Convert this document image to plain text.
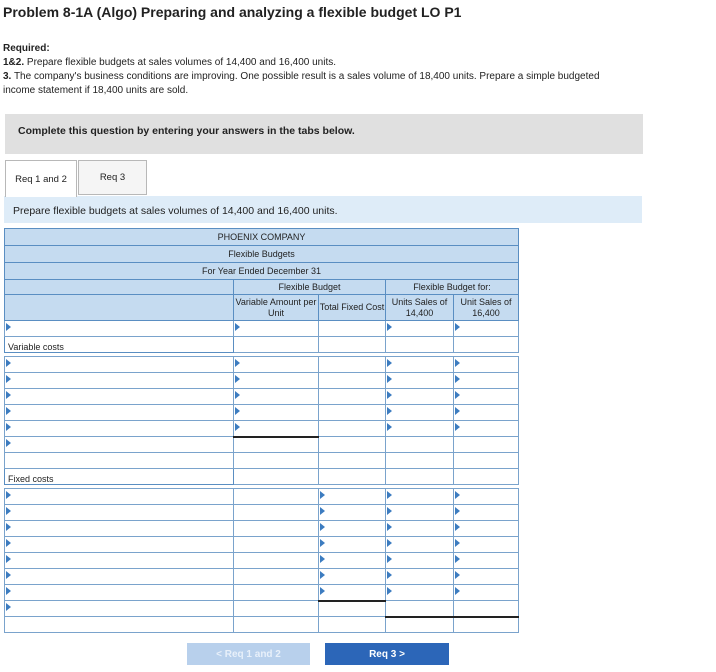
Problem 8-1A (Algo) Preparing and analyzing a flexible budget LO P1
Required:
1&2. Prepare flexible budgets at sales volumes of 14,400 and 16,400 units.
3. The company's business conditions are improving. One possible result is a sales volume of 18,400 units. Prepare a simple budgeted
income statement if 18,400 units are sold.
Complete this question by entering your answers in the tabs below.
Req 1 and 2	Req 3
Prepare flexible budgets at sales volumes of 14,400 and 16,400 units.
PHOENIX COMPANY				
Flexible Budgets				
For Year Ended December 31				
	Flexible Budget		Flexible Budget for:	
	Variable Amount per Unit	Total Fixed Cost	Units Sales of 14,400	Unit Sales of 16,400

Variable costs				

Fixed costs				

< Req 1 and 2	Req 3 >
